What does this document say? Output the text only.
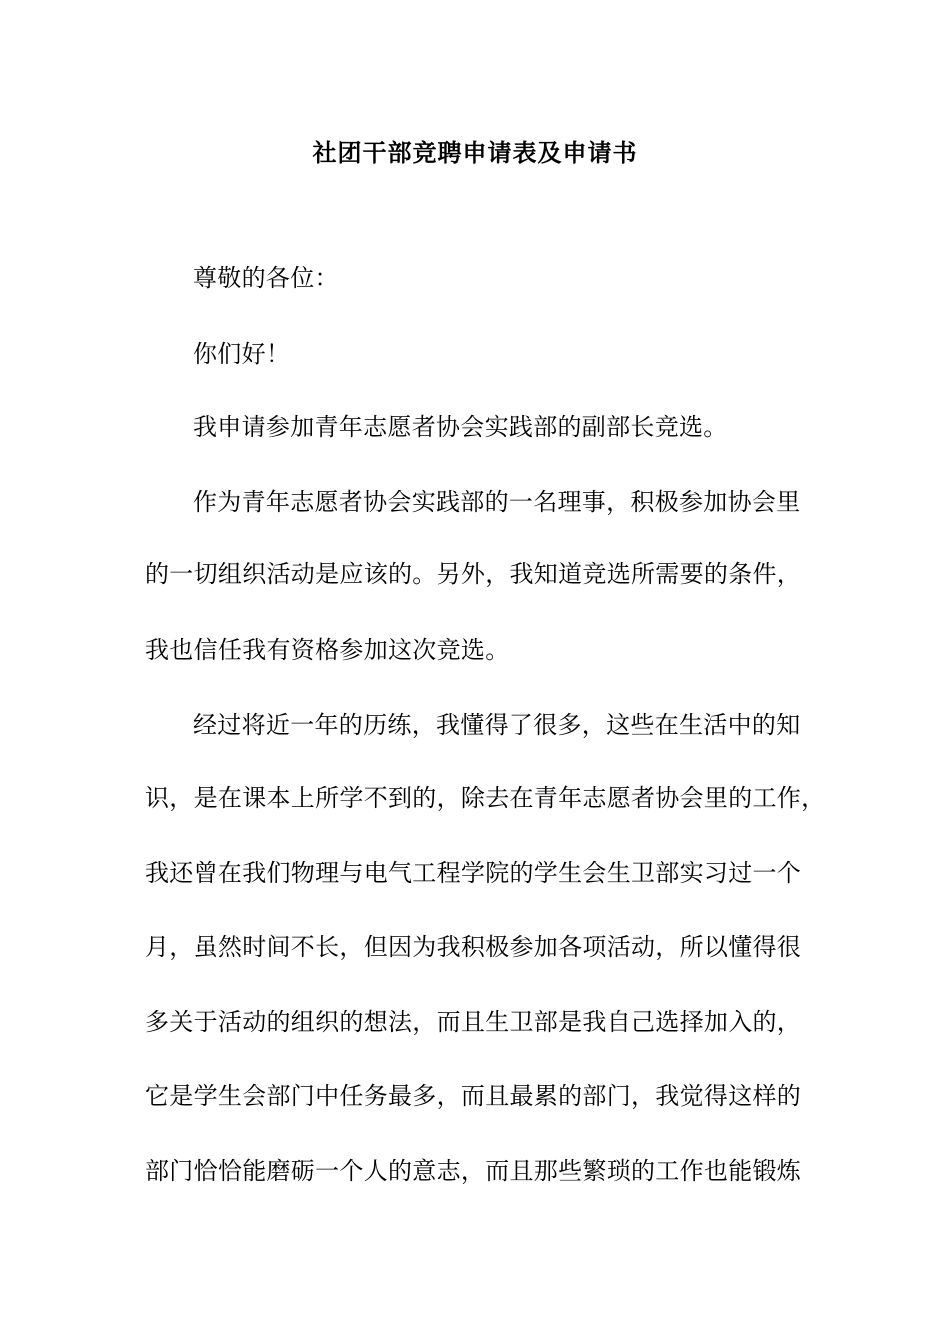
社团干部竞聘申请表及申请书
尊敬的各位：
你们好！
我申请参加青年志愿者协会实践部的副部长竞选。
作为青年志愿者协会实践部的一名理事，积极参加协会里
的一切组织活动是应该的。另外，我知道竞选所需要的条件，
我也信任我有资格参加这次竞选。
经过将近一年的历练，我懂得了很多，这些在生活中的知
识，是在课本上所学不到的，除去在青年志愿者协会里的工作，
我还曾在我们物理与电气工程学院的学生会生卫部实习过一个
月，虽然时间不长，但因为我积极参加各项活动，所以懂得很
多关于活动的组织的想法，而且生卫部是我自己选择加入的，
它是学生会部门中任务最多，而且最累的部门，我觉得这样的
部门恰恰能磨砺一个人的意志，而且那些繁琐的工作也能锻炼
